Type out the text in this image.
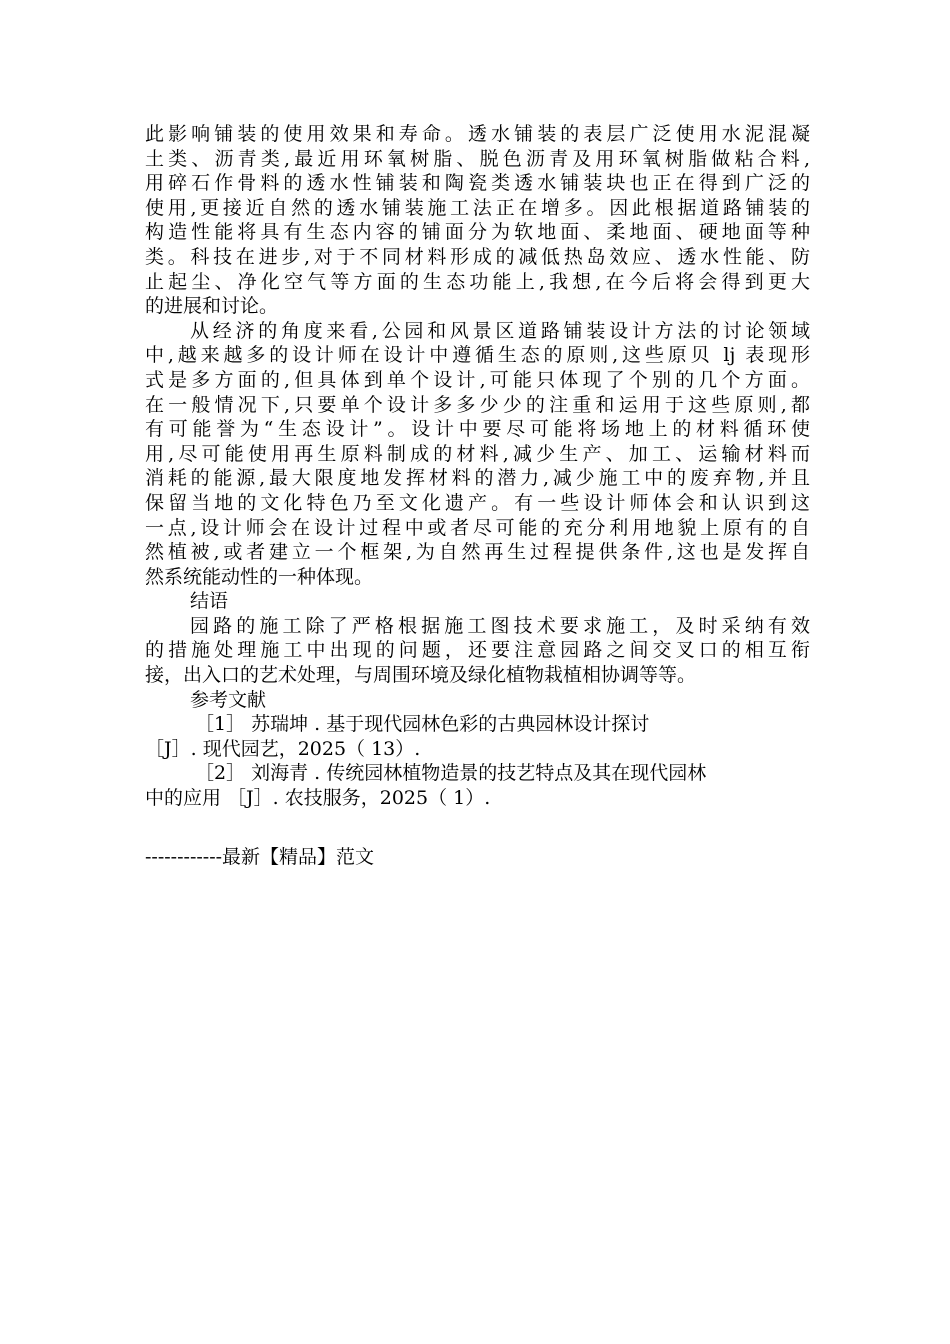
此影响铺装的使用效果和寿命。透水铺装的表层广泛使用水泥混凝
土类、沥青类,最近用环氧树脂、脱色沥青及用环氧树脂做粘合料,
用碎石作骨料的透水性铺装和陶瓷类透水铺装块也正在得到广泛的
使用,更接近自然的透水铺装施工法正在增多。因此根据道路铺装的
构造性能将具有生态内容的铺面分为软地面、柔地面、硬地面等种
类。科技在进步,对于不同材料形成的减低热岛效应、透水性能、防
止起尘、净化空气等方面的生态功能上,我想,在今后将会得到更大
的进展和讨论。
从经济的角度来看,公园和风景区道路铺装设计方法的讨论领域
中,越来越多的设计师在设计中遵循生态的原则,这些原贝 lj 表现形
式是多方面的,但具体到单个设计,可能只体现了个别的几个方面。
在一般情况下,只要单个设计多多少少的注重和运用于这些原则,都
有可能誉为“生态设计”。设计中要尽可能将场地上的材料循环使
用,尽可能使用再生原料制成的材料,减少生产、加工、运输材料而
消耗的能源,最大限度地发挥材料的潜力,减少施工中的废弃物,并且
保留当地的文化特色乃至文化遗产。有一些设计师体会和认识到这
一点,设计师会在设计过程中或者尽可能的充分利用地貌上原有的自
然植被,或者建立一个框架,为自然再生过程提供条件,这也是发挥自
然系统能动性的一种体现。
结语
园路的施工除了严格根据施工图技术要求施工，及时采纳有效
的措施处理施工中出现的问题，还要注意园路之间交叉口的相互衔
接，出入口的艺术处理，与周围环境及绿化植物栽植相协调等等。
参考文献
［1］ 苏瑞坤 . 基于现代园林色彩的古典园林设计探讨
［J］. 现代园艺，2025（ 13）.
［2］ 刘海青 . 传统园林植物造景的技艺特点及其在现代园林
中的应用 ［J］. 农技服务，2025（ 1）.
------------最新【精品】范文
